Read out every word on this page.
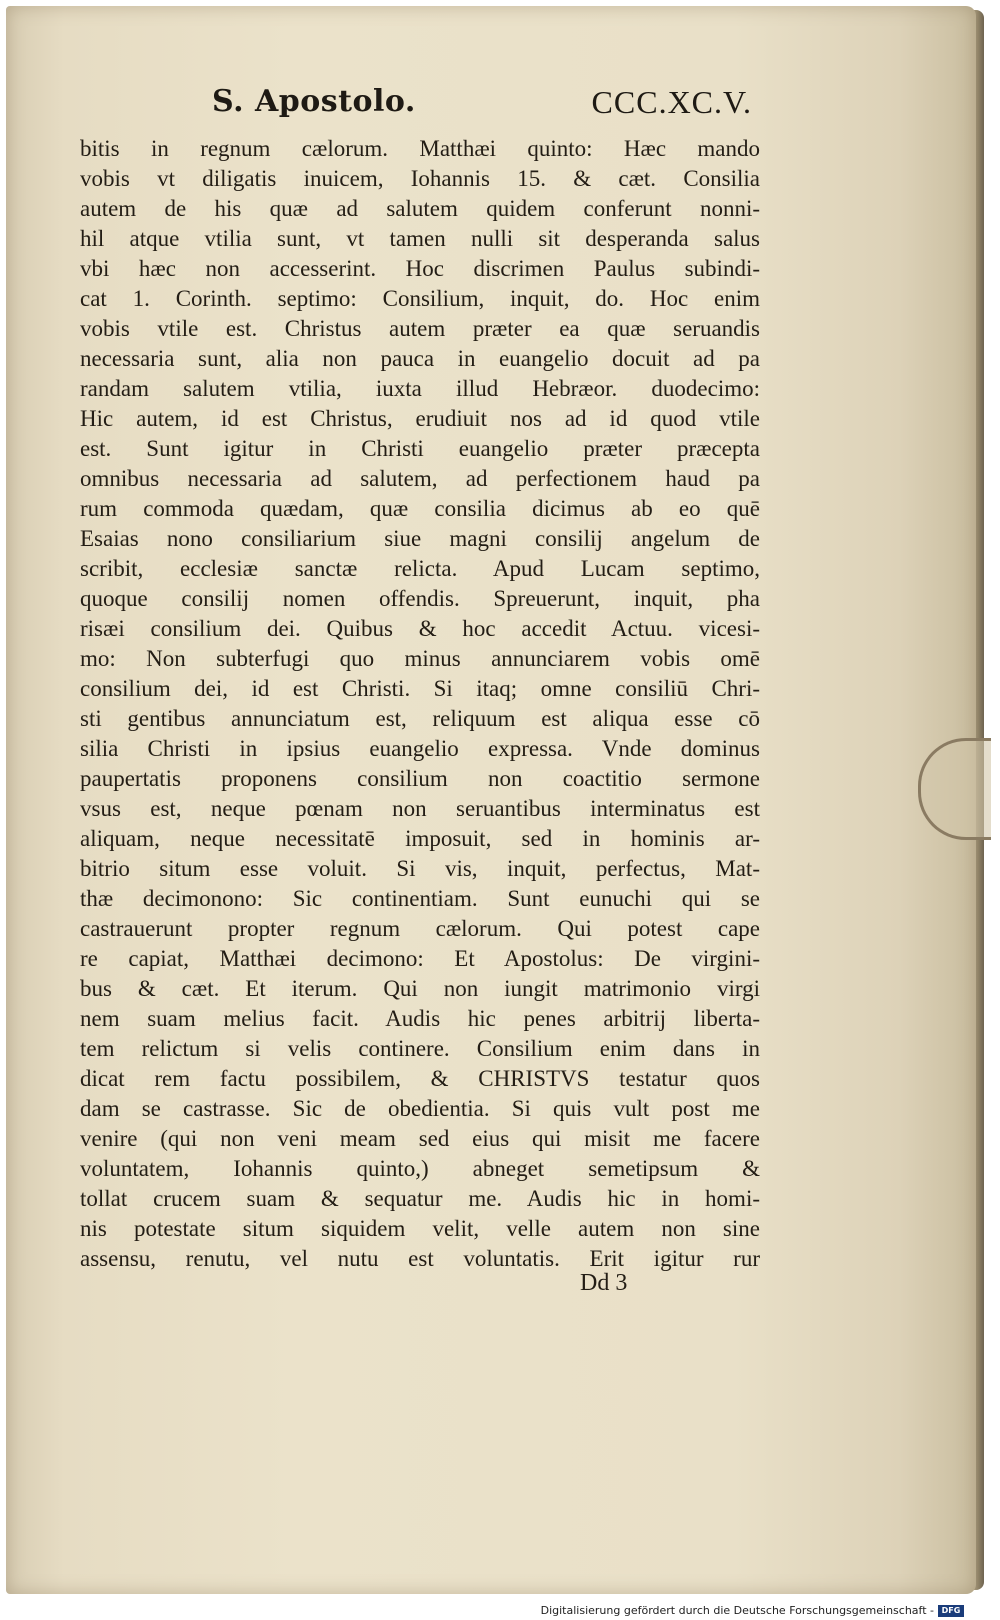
S. Apostolo.	CCC.XC.V.
bitis in regnum cælorum. Matthæi quinto: Hæc mando
vobis vt diligatis inuicem, Iohannis 15. & cæt. Consilia
autem de his quæ ad salutem quidem conferunt nonni-
hil atque vtilia sunt, vt tamen nulli sit desperanda salus
vbi hæc non accesserint. Hoc discrimen Paulus subindi-
cat 1. Corinth. septimo: Consilium, inquit, do. Hoc enim
vobis vtile est. Christus autem præter ea quæ seruandis
necessaria sunt, alia non pauca in euangelio docuit ad pa
randam salutem vtilia, iuxta illud Hebræor. duodecimo:
Hic autem, id est Christus, erudiuit nos ad id quod vtile
est. Sunt igitur in Christi euangelio præter præcepta
omnibus necessaria ad salutem, ad perfectionem haud pa
rum commoda quædam, quæ consilia dicimus ab eo quē
Esaias nono consiliarium siue magni consilij angelum de
scribit, ecclesiæ sanctæ relicta. Apud Lucam septimo,
quoque consilij nomen offendis. Spreuerunt, inquit, pha
risæi consilium dei. Quibus & hoc accedit Actuu. vicesi-
mo: Non subterfugi quo minus annunciarem vobis omē
consilium dei, id est Christi. Si itaq; omne consiliū Chri-
sti gentibus annunciatum est, reliquum est aliqua esse cō
silia Christi in ipsius euangelio expressa. Vnde dominus
paupertatis proponens consilium non coactitio sermone
vsus est, neque pœnam non seruantibus interminatus est
aliquam, neque necessitatē imposuit, sed in hominis ar-
bitrio situm esse voluit. Si vis, inquit, perfectus, Mat-
thæ decimonono: Sic continentiam. Sunt eunuchi qui se
castrauerunt propter regnum cælorum. Qui potest cape
re capiat, Matthæi decimono: Et Apostolus: De virgini-
bus & cæt. Et iterum. Qui non iungit matrimonio virgi
nem suam melius facit. Audis hic penes arbitrij liberta-
tem relictum si velis continere. Consilium enim dans in
dicat rem factu possibilem, & CHRISTVS testatur quos
dam se castrasse. Sic de obedientia. Si quis vult post me
venire (qui non veni meam sed eius qui misit me facere
voluntatem, Iohannis quinto,) abneget semetipsum &
tollat crucem suam & sequatur me. Audis hic in homi-
nis potestate situm siquidem velit, velle autem non sine
assensu, renutu, vel nutu est voluntatis. Erit igitur rur
Dd 3
Digitalisierung gefördert durch die Deutsche Forschungsgemeinschaft - DFG
